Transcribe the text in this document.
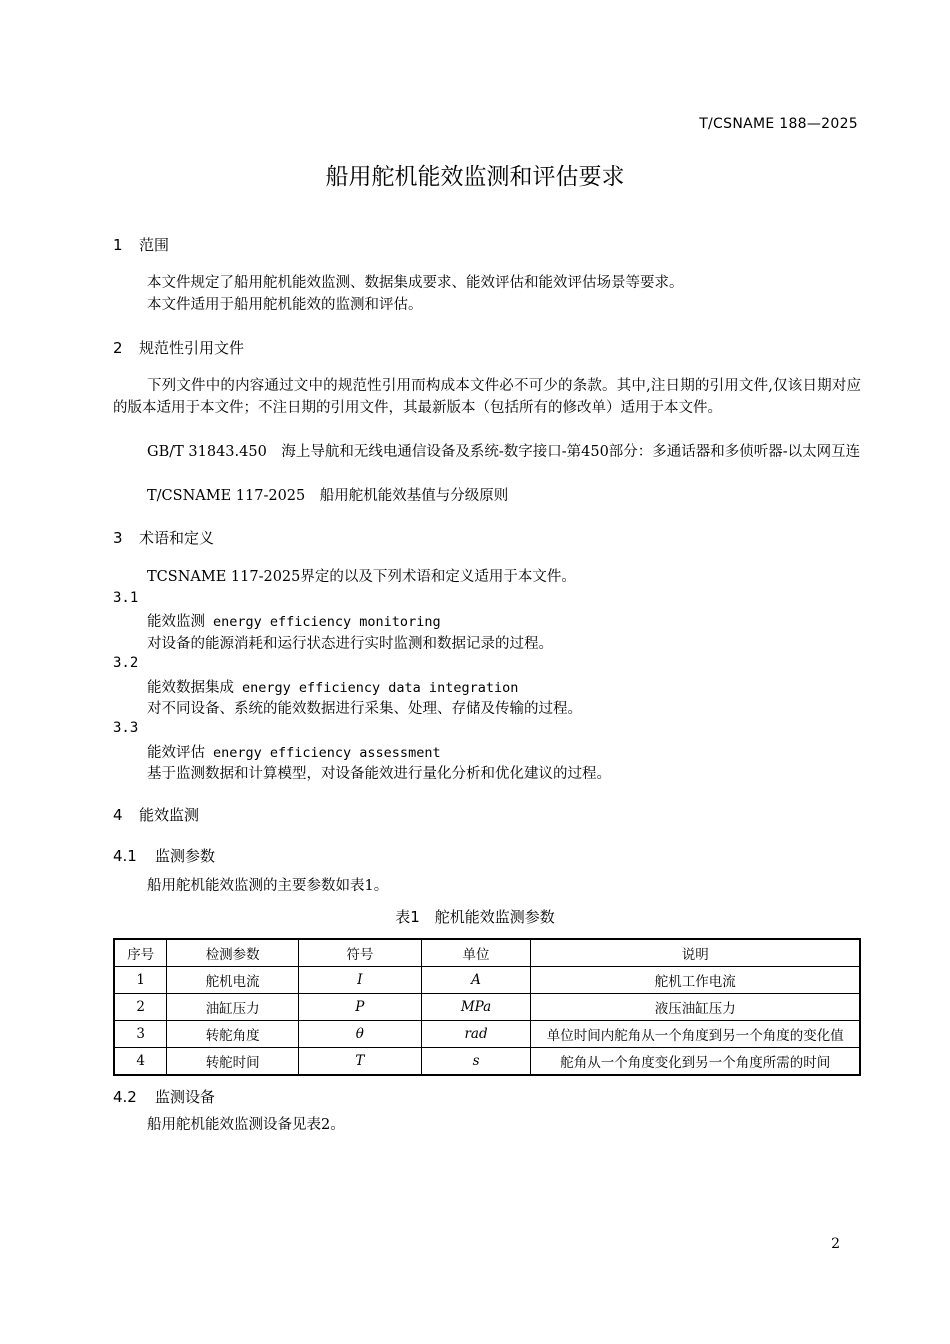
T/CSNAME 188—2025
船用舵机能效监测和评估要求
1 范围
本文件规定了船用舵机能效监测、数据集成要求、能效评估和能效评估场景等要求。
本文件适用于船用舵机能效的监测和评估。
2 规范性引用文件
下列文件中的内容通过文中的规范性引用而构成本文件必不可少的条款。其中,注日期的引用文件,仅该日期对应的版本适用于本文件；不注日期的引用文件，其最新版本（包括所有的修改单）适用于本文件。
GB/T 31843.450　海上导航和无线电通信设备及系统-数字接口-第450部分：多通话器和多侦听器-以太网互连
T/CSNAME 117-2025　船用舵机能效基值与分级原则
3 术语和定义
TCSNAME 117-2025界定的以及下列术语和定义适用于本文件。
3.1
能效监测 energy efficiency monitoring
对设备的能源消耗和运行状态进行实时监测和数据记录的过程。
3.2
能效数据集成 energy efficiency data integration
对不同设备、系统的能效数据进行采集、处理、存储及传输的过程。
3.3
能效评估 energy efficiency assessment
基于监测数据和计算模型，对设备能效进行量化分析和优化建议的过程。
4 能效监测
4.1 监测参数
船用舵机能效监测的主要参数如表1。
表1　舵机能效监测参数
序号	检测参数	符号	单位	说明
1	舵机电流	I	A	舵机工作电流
2	油缸压力	P	MPa	液压油缸压力
3	转舵角度	θ	rad	单位时间内舵角从一个角度到另一个角度的变化值
4	转舵时间	T	s	舵角从一个角度变化到另一个角度所需的时间
4.2 监测设备
船用舵机能效监测设备见表2。
2
